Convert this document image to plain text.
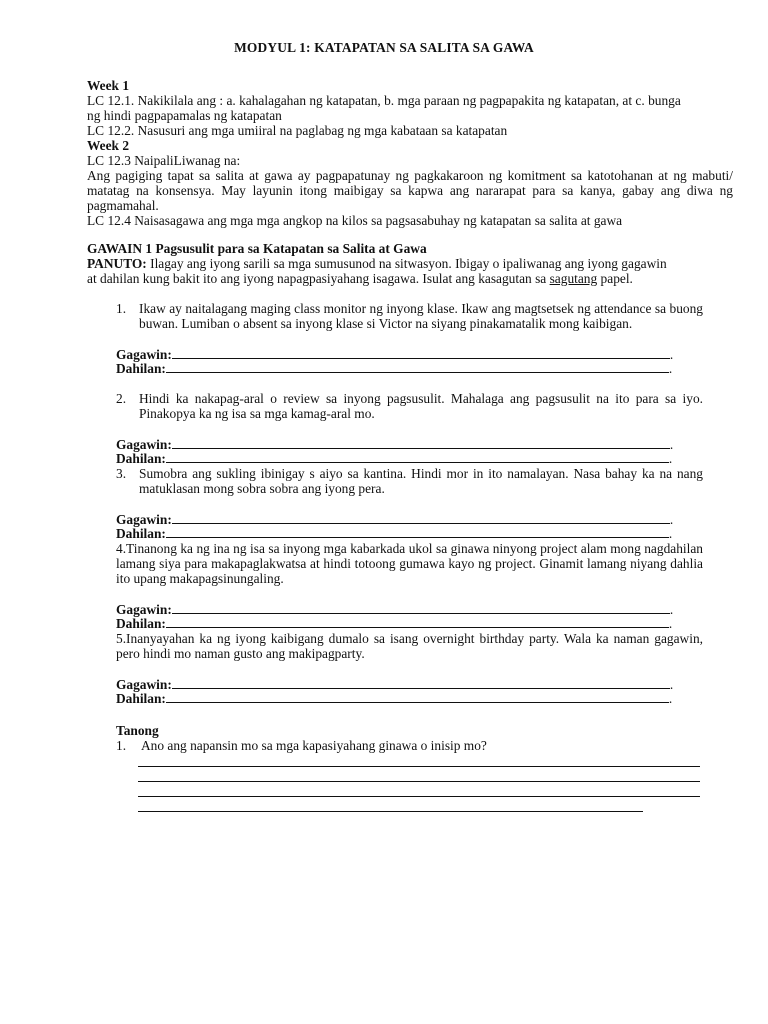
MODYUL 1: KATAPATAN SA SALITA SA GAWA
Week 1
LC 12.1. Nakikilala ang : a. kahalagahan ng katapatan, b. mga paraan ng pagpapakita ng katapatan, at c. bunga
ng hindi pagpapamalas ng katapatan
LC 12.2. Nasusuri ang mga umiiral na paglabag ng mga kabataan sa katapatan
Week 2
LC 12.3 NaipaliLiwanag na:
Ang pagiging tapat sa salita at gawa ay pagpapatunay ng pagkakaroon ng komitment sa katotohanan at ng mabuti/ matatag na konsensya. May layunin itong maibigay sa kapwa ang nararapat para sa kanya, gabay ang diwa ng pagmamahal.
LC 12.4 Naisasagawa ang mga mga angkop na kilos sa pagsasabuhay ng katapatan sa salita at gawa
GAWAIN 1 Pagsusulit para sa Katapatan sa Salita at Gawa
PANUTO: Ilagay ang iyong sarili sa mga sumusunod na sitwasyon. Ibigay o ipaliwanag ang iyong gagawin
at dahilan kung bakit ito ang iyong napagpasiyahang isagawa. Isulat ang kasagutan sa sagutang papel.
1. Ikaw ay naitalagang maging class monitor ng inyong klase. Ikaw ang magtsetsek ng attendance sa buong buwan. Lumiban o absent sa inyong klase si Victor na siyang pinakamatalik mong kaibigan.
Gagawin:	.
Dahilan:	.
2. Hindi ka nakapag-aral o review sa inyong pagsusulit. Mahalaga ang pagsusulit na ito para sa iyo. Pinakopya ka ng isa sa mga kamag-aral mo.
Gagawin:	.
Dahilan:	.
3. Sumobra ang sukling ibinigay s aiyo sa kantina. Hindi mor in ito namalayan. Nasa bahay ka na nang matuklasan mong sobra sobra ang iyong pera.
Gagawin:	.
Dahilan:	.
4.Tinanong ka ng ina ng isa sa inyong mga kabarkada ukol sa ginawa ninyong project alam mong nagdahilan lamang siya para makapaglakwatsa at hindi totoong gumawa kayo ng project. Ginamit lamang niyang dahlia ito upang makapagsinungaling.
Gagawin:	.
Dahilan:	.
5.Inanyayahan ka ng iyong kaibigang dumalo sa isang overnight birthday party. Wala ka naman gagawin, pero hindi mo naman gusto ang makipagparty.
Gagawin:	.
Dahilan:	.
Tanong
1. Ano ang napansin mo sa mga kapasiyahang ginawa o inisip mo?
